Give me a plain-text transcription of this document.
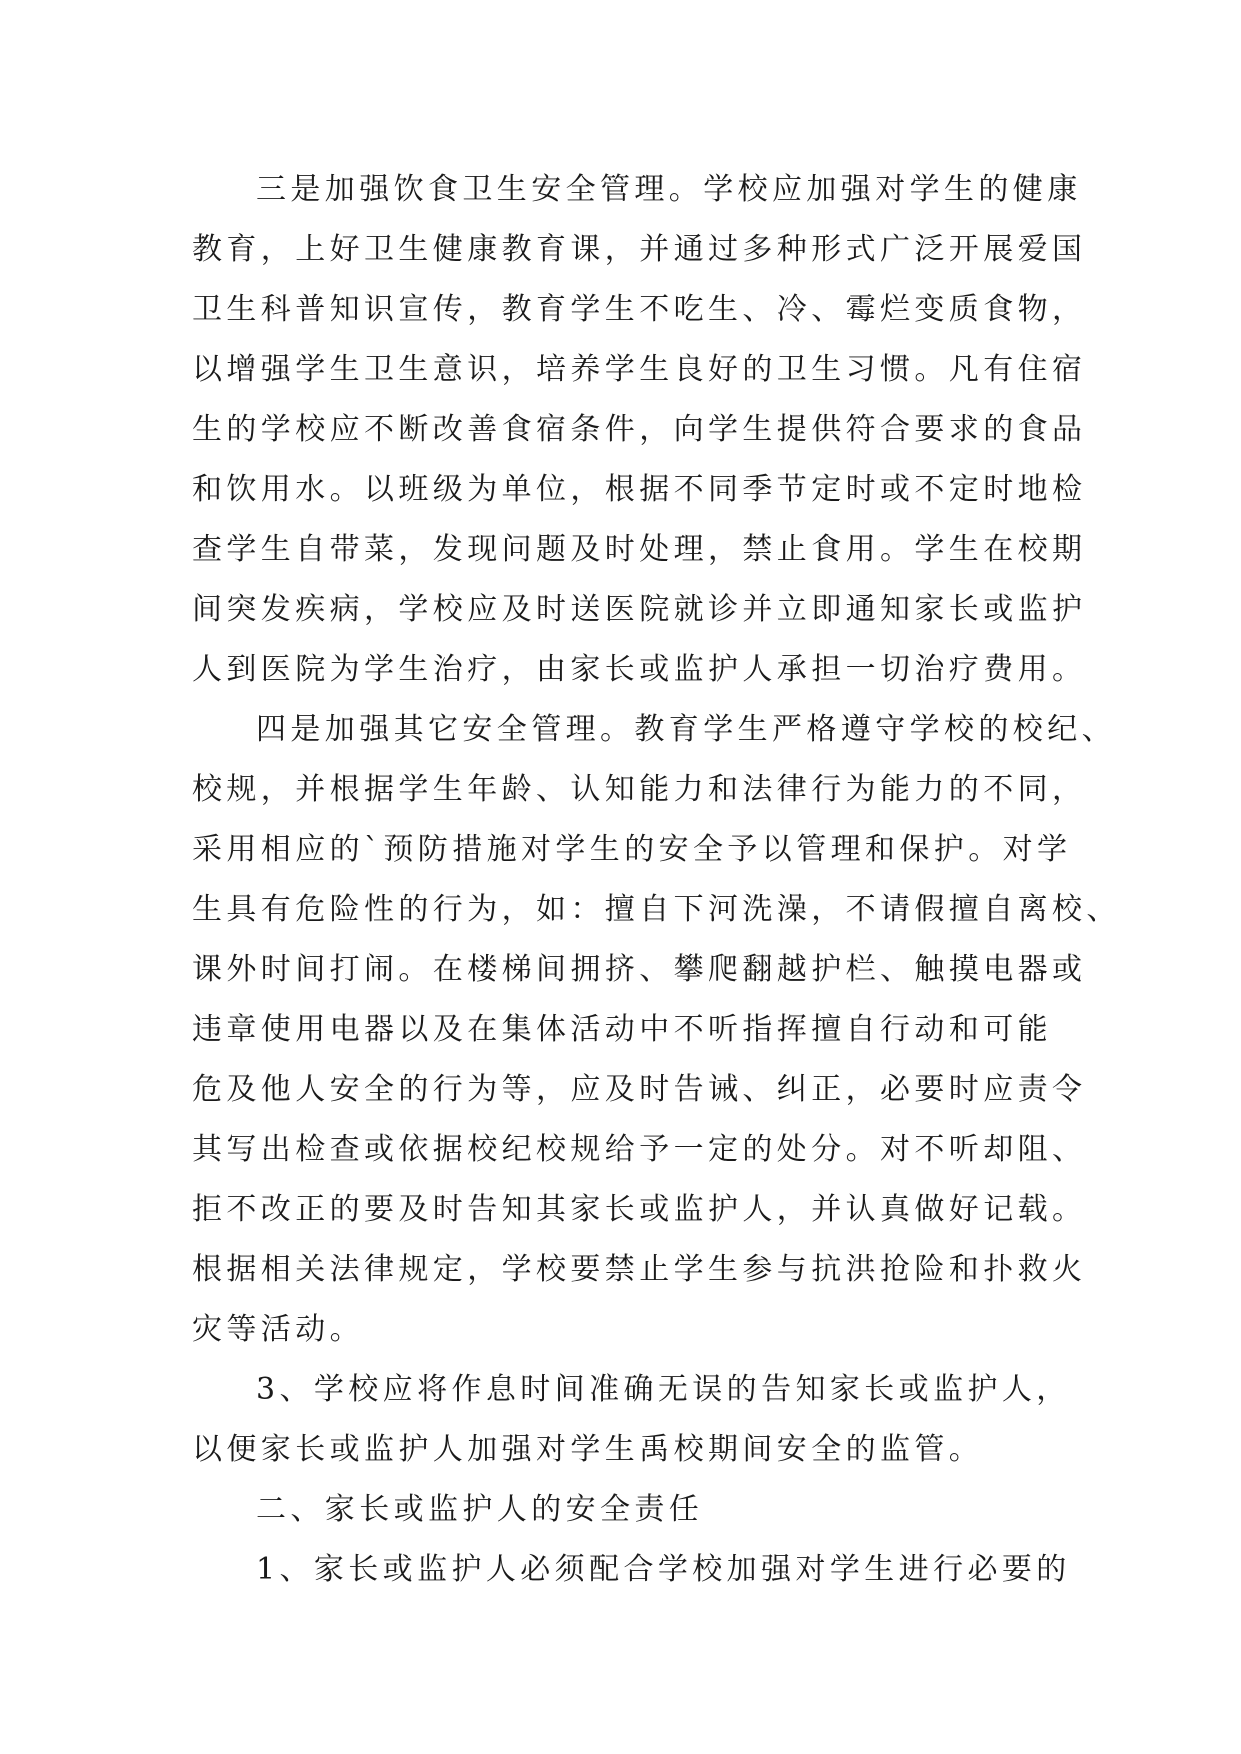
三是加强饮食卫生安全管理。学校应加强对学生的健康
教育，上好卫生健康教育课，并通过多种形式广泛开展爱国
卫生科普知识宣传，教育学生不吃生、冷、霉烂变质食物，
以增强学生卫生意识，培养学生良好的卫生习惯。凡有住宿
生的学校应不断改善食宿条件，向学生提供符合要求的食品
和饮用水。以班级为单位，根据不同季节定时或不定时地检
查学生自带菜，发现问题及时处理，禁止食用。学生在校期
间突发疾病，学校应及时送医院就诊并立即通知家长或监护
人到医院为学生治疗，由家长或监护人承担一切治疗费用。
四是加强其它安全管理。教育学生严格遵守学校的校纪、
校规，并根据学生年龄、认知能力和法律行为能力的不同，
采用相应的`预防措施对学生的安全予以管理和保护。对学
生具有危险性的行为，如：擅自下河洗澡，不请假擅自离校、
课外时间打闹。在楼梯间拥挤、攀爬翻越护栏、触摸电器或
违章使用电器以及在集体活动中不听指挥擅自行动和可能
危及他人安全的行为等，应及时告诫、纠正，必要时应责令
其写出检查或依据校纪校规给予一定的处分。对不听却阻、
拒不改正的要及时告知其家长或监护人，并认真做好记载。
根据相关法律规定，学校要禁止学生参与抗洪抢险和扑救火
灾等活动。
3、学校应将作息时间准确无误的告知家长或监护人，
以便家长或监护人加强对学生禹校期间安全的监管。
二、家长或监护人的安全责任
1、家长或监护人必须配合学校加强对学生进行必要的
